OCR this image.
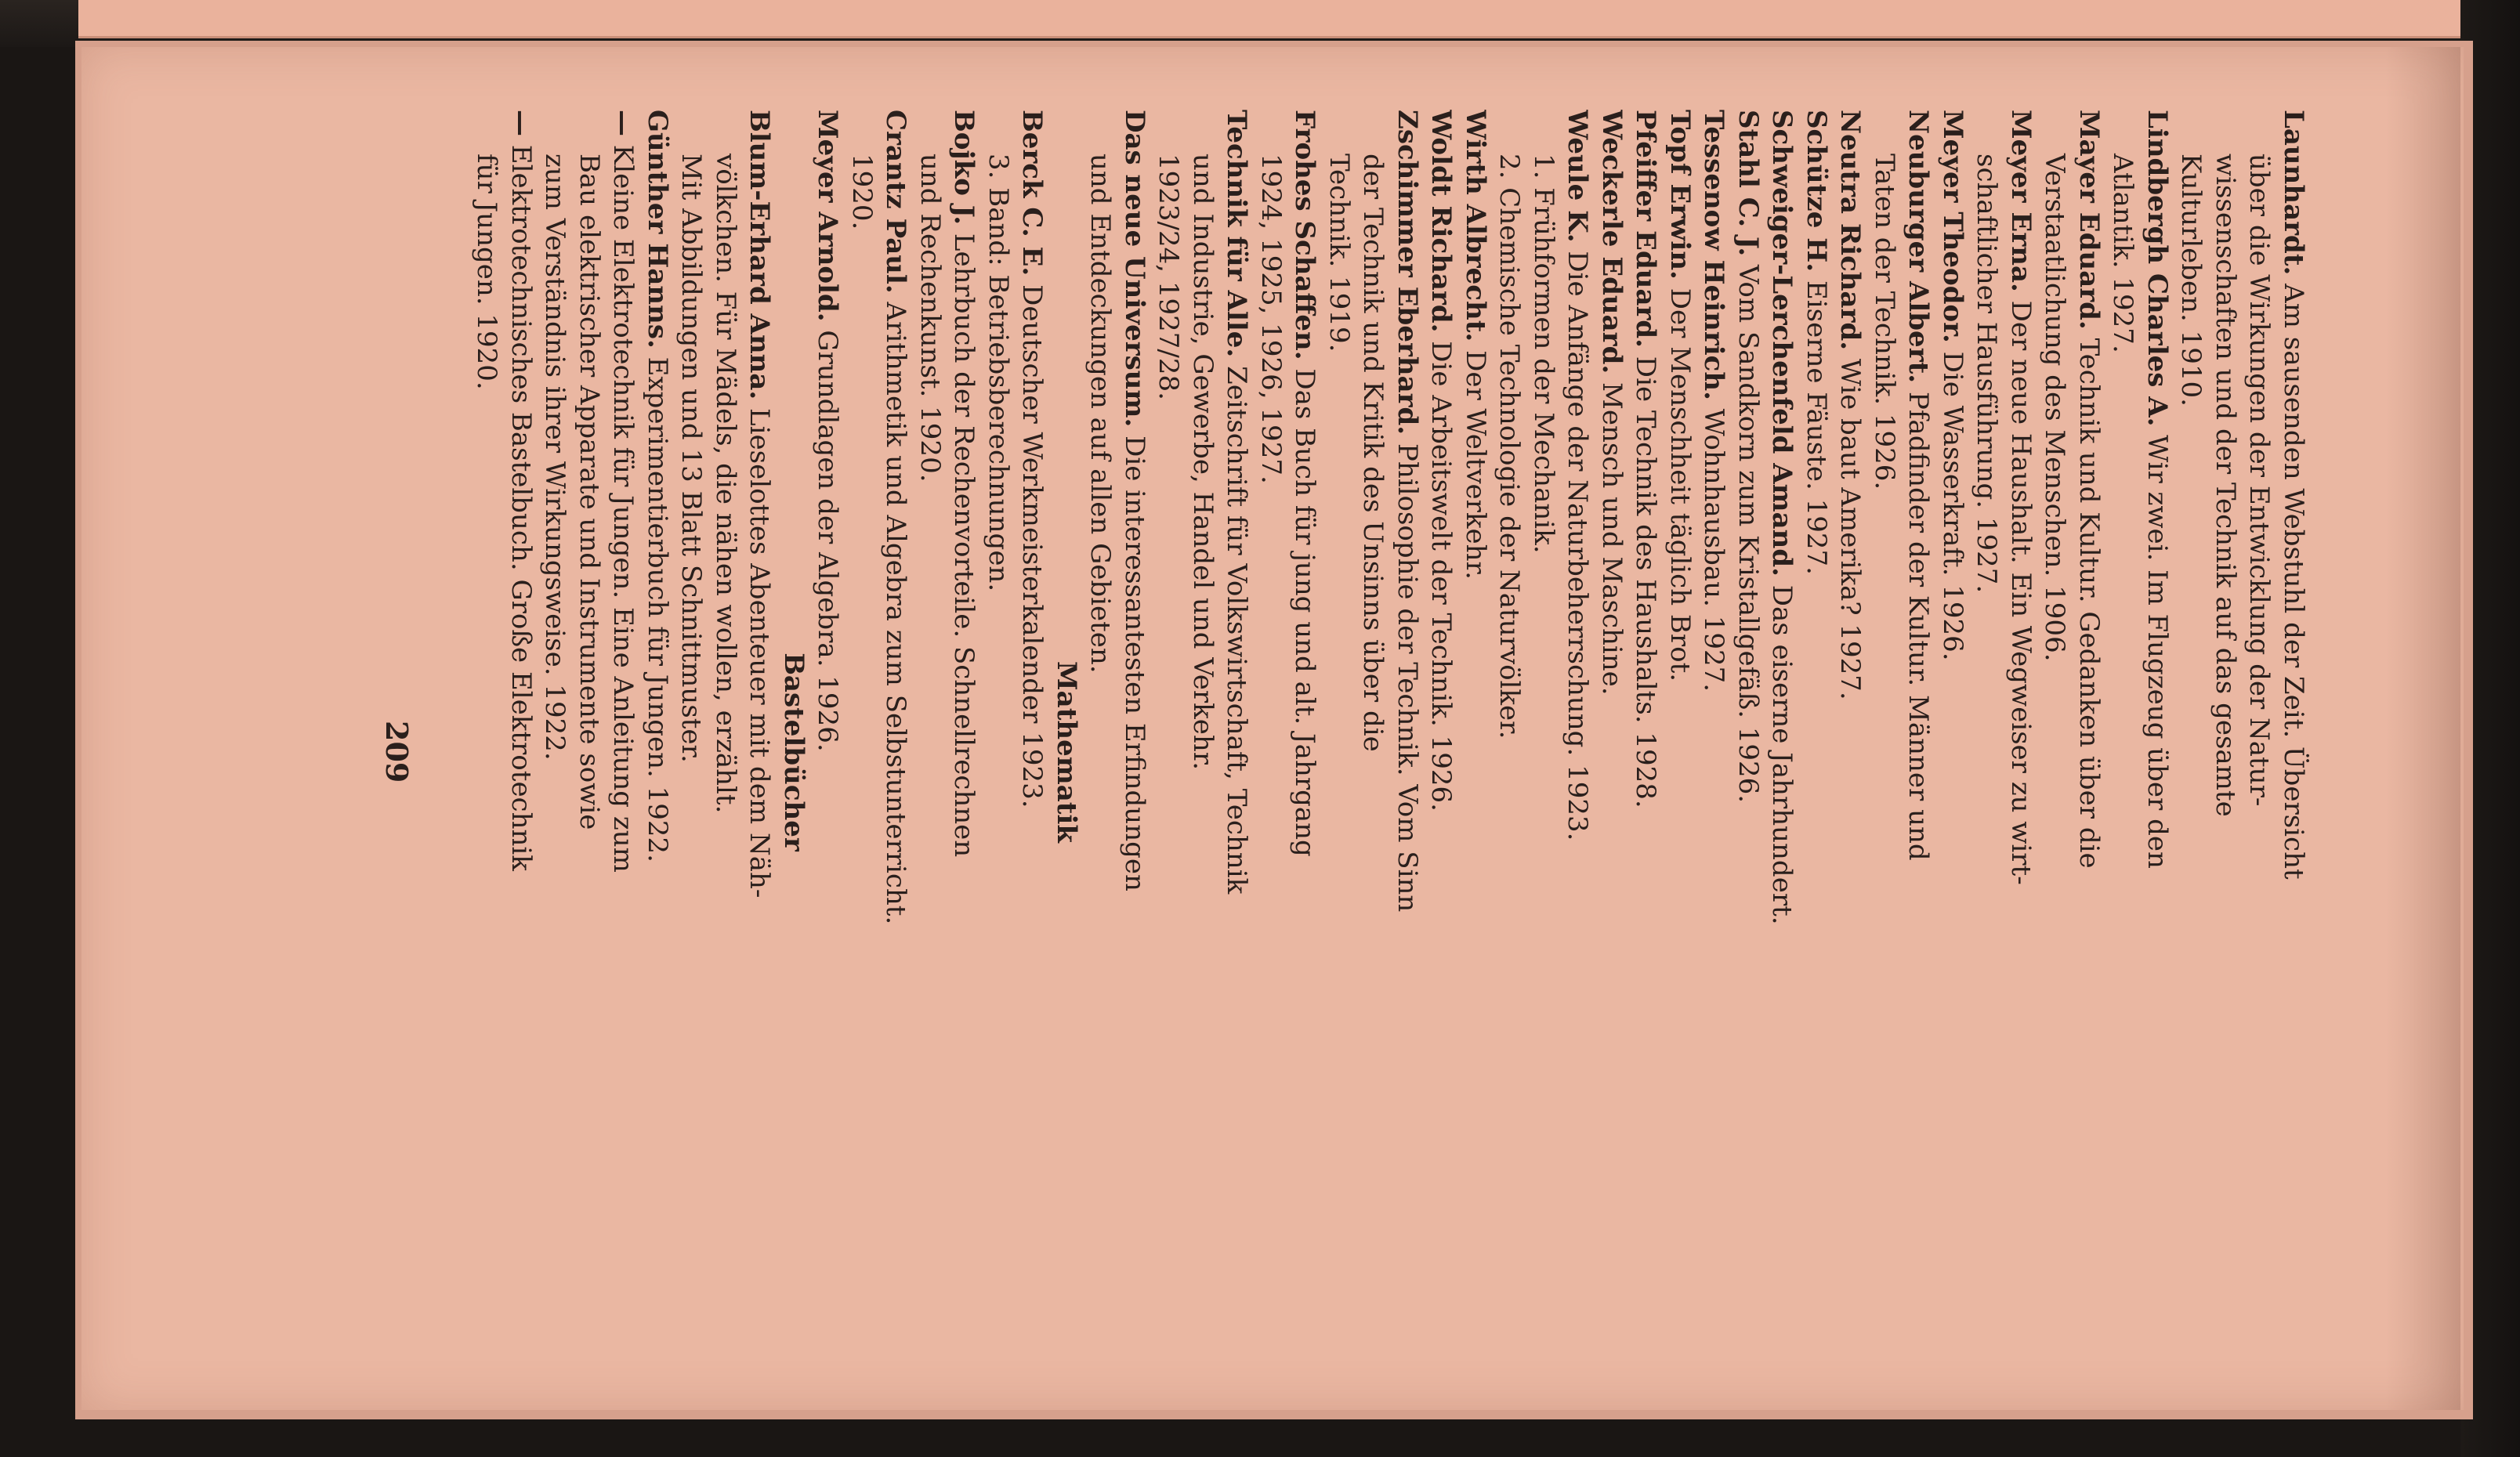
Launhardt. Am sausenden Webstuhl der Zeit. Übersicht
über die Wirkungen der Entwicklung der Natur-
wissenschaften und der Technik auf das gesamte
Kulturleben. 1910.
Lindbergh Charles A. Wir zwei. Im Flugzeug über den
Atlantik. 1927.
Mayer Eduard. Technik und Kultur. Gedanken über die
Verstaatlichung des Menschen. 1906.
Meyer Erna. Der neue Haushalt. Ein Wegweiser zu wirt-
schaftlicher Hausführung. 1927.
Meyer Theodor. Die Wasserkraft. 1926.
Neuburger Albert. Pfadfinder der Kultur. Männer und
Taten der Technik. 1926.
Neutra Richard. Wie baut Amerika? 1927.
Schütze H. Eiserne Fäuste. 1927.
Schweiger-Lerchenfeld Amand. Das eiserne Jahrhundert.
Stahl C. J. Vom Sandkorn zum Kristallgefäß. 1926.
Tessenow Heinrich. Wohnhausbau. 1927.
Topf Erwin. Der Menschheit täglich Brot.
Pfeiffer Eduard. Die Technik des Haushalts. 1928.
Weckerle Eduard. Mensch und Maschine.
Weule K. Die Anfänge der Naturbeherrschung. 1923.
1. Frühformen der Mechanik.
2. Chemische Technologie der Naturvölker.
Wirth Albrecht. Der Weltverkehr.
Woldt Richard. Die Arbeitswelt der Technik. 1926.
Zschimmer Eberhard. Philosophie der Technik. Vom Sinn
der Technik und Kritik des Unsinns über die
Technik. 1919.
Frohes Schaffen. Das Buch für jung und alt. Jahrgang
1924, 1925, 1926, 1927.
Technik für Alle. Zeitschrift für Volkswirtschaft, Technik
und Industrie, Gewerbe, Handel und Verkehr.
1923/24, 1927/28.
Das neue Universum. Die interessantesten Erfindungen
und Entdeckungen auf allen Gebieten.
Mathematik
Berck C. E. Deutscher Werkmeisterkalender 1923.
3. Band: Betriebsberechnungen.
Bojko J. Lehrbuch der Rechenvorteile. Schnellrechnen
und Rechenkunst. 1920.
Crantz Paul. Arithmetik und Algebra zum Selbstunterricht.
1920.
Meyer Arnold. Grundlagen der Algebra. 1926.
Bastelbücher
Blum-Erhard Anna. Lieselottes Abenteuer mit dem Näh-
völkchen. Für Mädels, die nähen wollen, erzählt.
Mit Abbildungen und 13 Blatt Schnittmuster.
Günther Hanns. Experimentierbuch für Jungen. 1922.
— Kleine Elektrotechnik für Jungen. Eine Anleitung zum
Bau elektrischer Apparate und Instrumente sowie
zum Verständnis ihrer Wirkungsweise. 1922.
— Elektrotechnisches Bastelbuch. Große Elektrotechnik
für Jungen. 1920.
209
